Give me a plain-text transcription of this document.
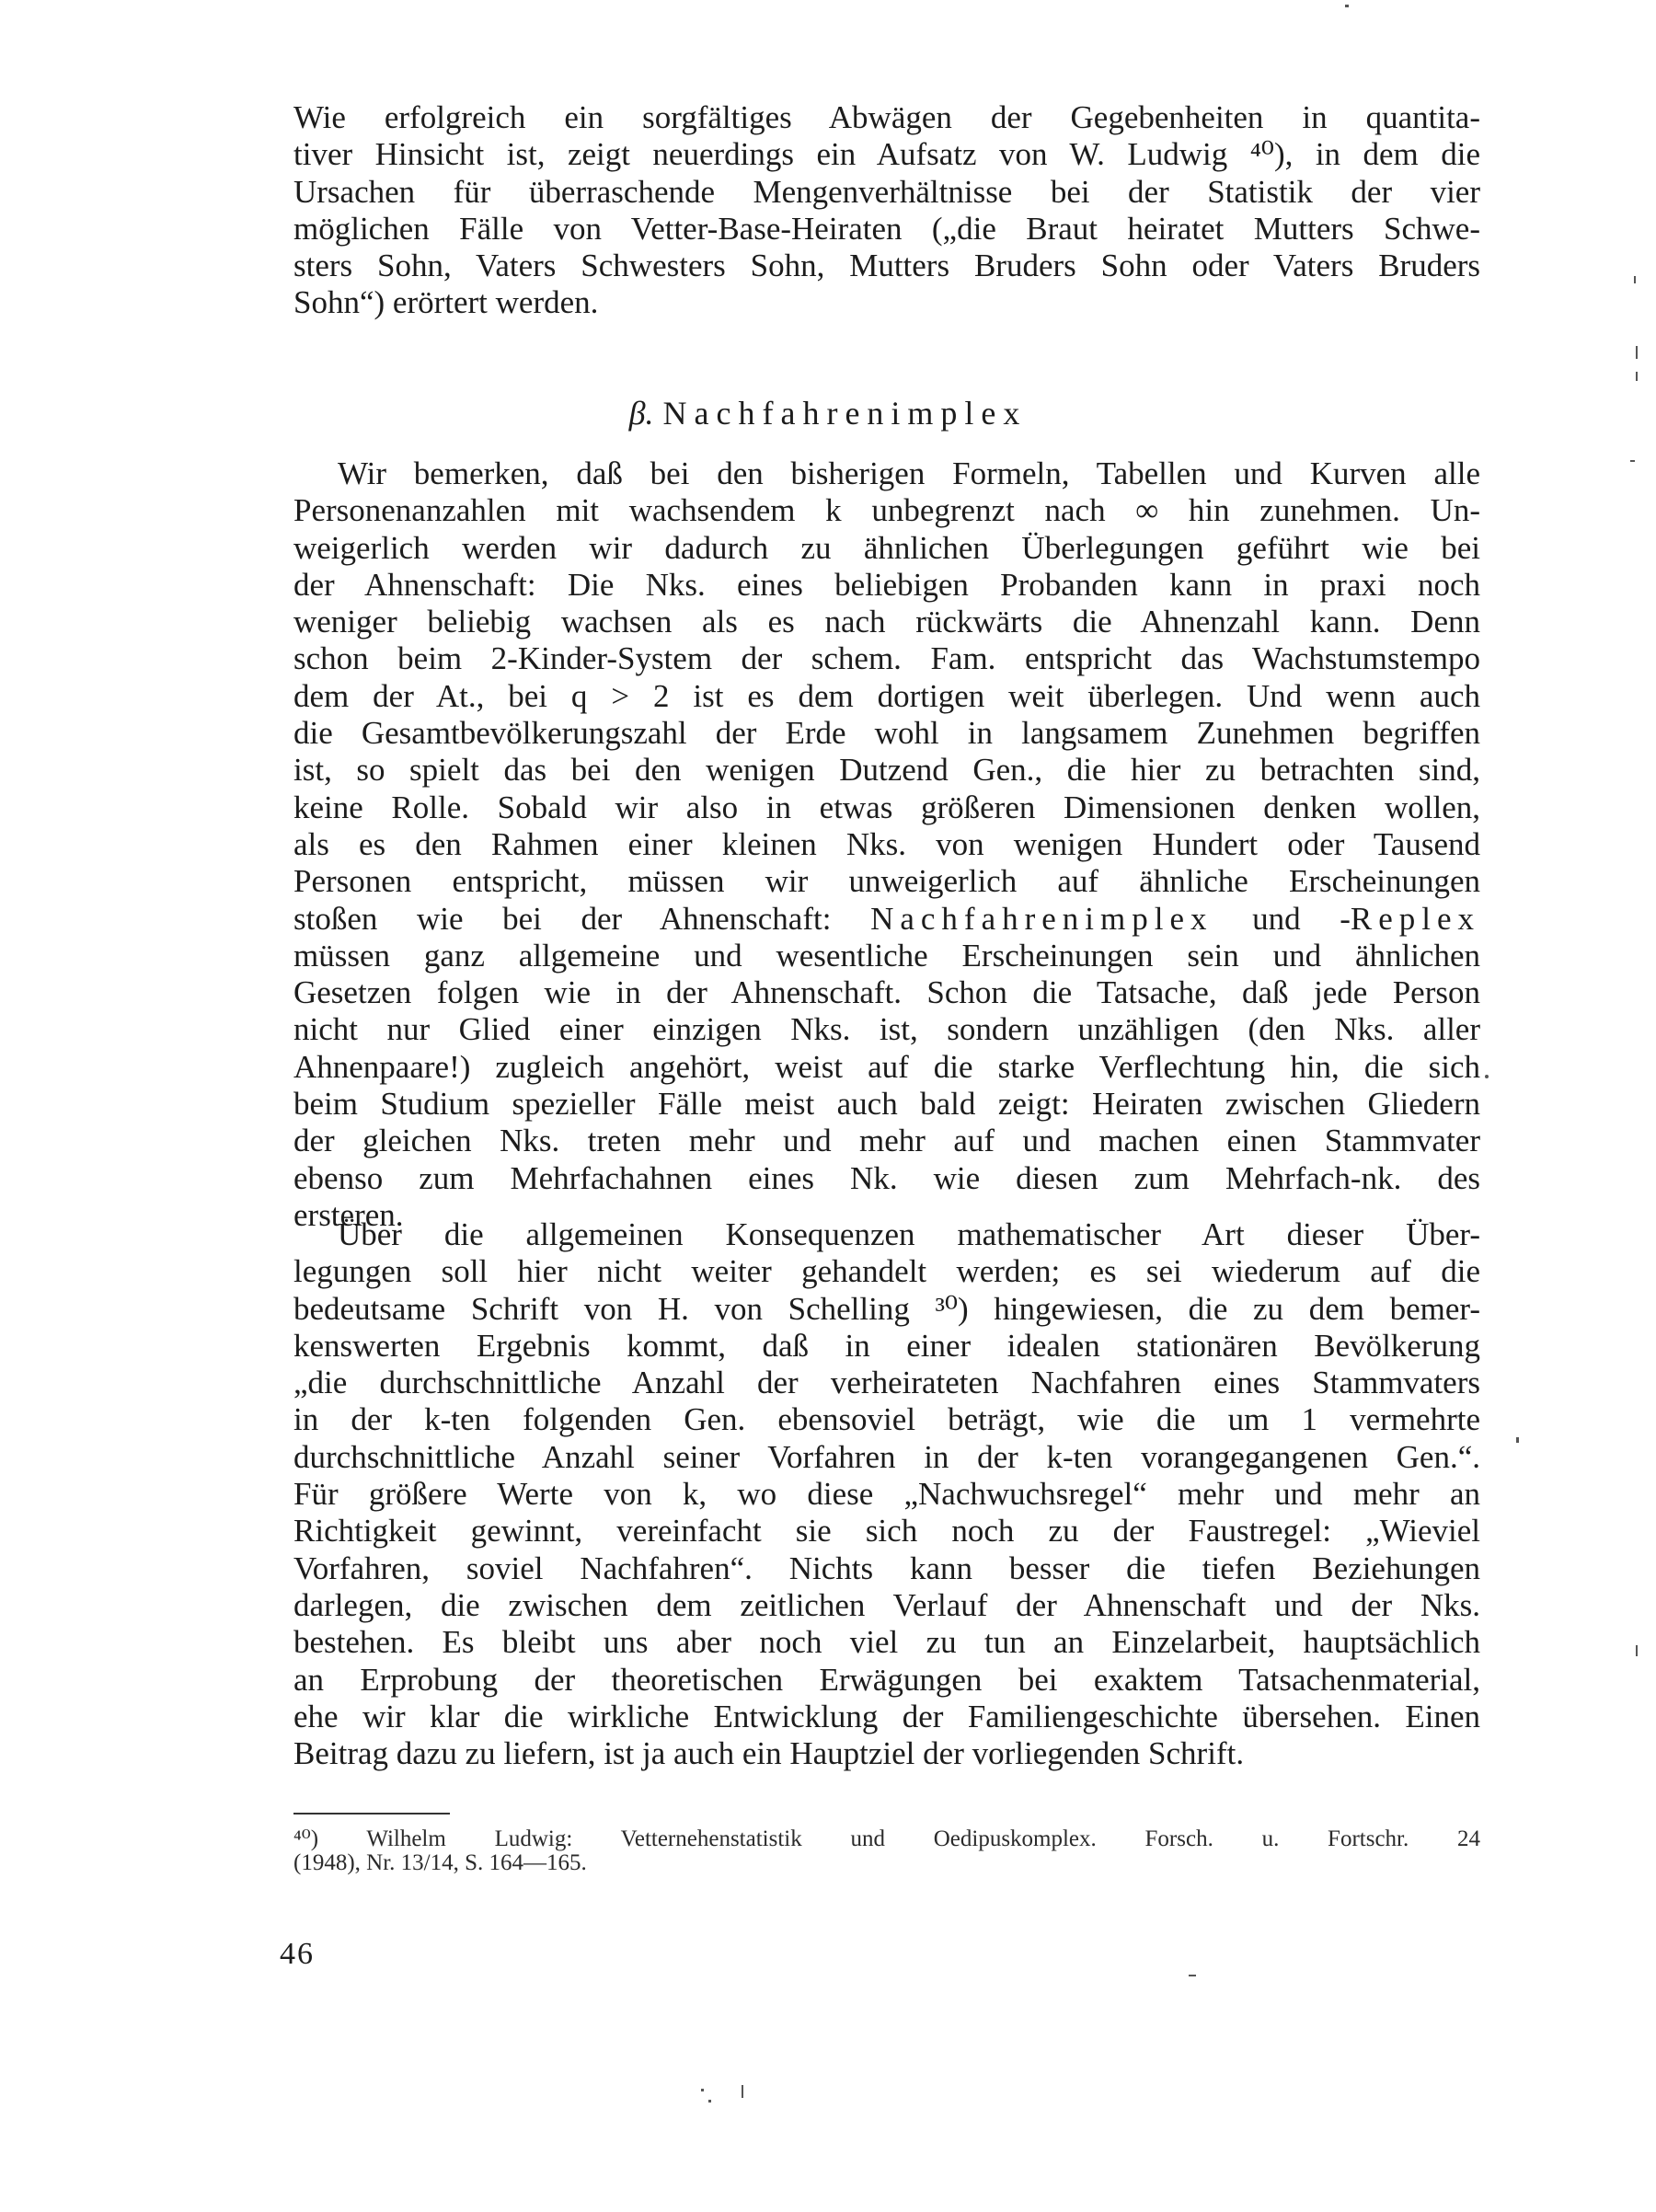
Wie erfolgreich ein sorgfältiges Abwägen der Gegebenheiten in quantita-
tiver Hinsicht ist, zeigt neuerdings ein Aufsatz von W. Ludwig ⁴⁰), in dem die
Ursachen für überraschende Mengenverhältnisse bei der Statistik der vier
möglichen Fälle von Vetter-Base-Heiraten („die Braut heiratet Mutters Schwe-
sters Sohn, Vaters Schwesters Sohn, Mutters Bruders Sohn oder Vaters Bruders
Sohn“) erörtert werden.
β. Nachfahrenimplex
Wir bemerken, daß bei den bisherigen Formeln, Tabellen und Kurven alle
Personenanzahlen mit wachsendem k unbegrenzt nach ∞ hin zunehmen. Un-
weigerlich werden wir dadurch zu ähnlichen Überlegungen geführt wie bei
der Ahnenschaft: Die Nks. eines beliebigen Probanden kann in praxi noch
weniger beliebig wachsen als es nach rückwärts die Ahnenzahl kann. Denn
schon beim 2-Kinder-System der schem. Fam. entspricht das Wachstumstempo
dem der At., bei q > 2 ist es dem dortigen weit überlegen. Und wenn auch
die Gesamtbevölkerungszahl der Erde wohl in langsamem Zunehmen begriffen
ist, so spielt das bei den wenigen Dutzend Gen., die hier zu betrachten sind,
keine Rolle. Sobald wir also in etwas größeren Dimensionen denken wollen,
als es den Rahmen einer kleinen Nks. von wenigen Hundert oder Tausend
Personen entspricht, müssen wir unweigerlich auf ähnliche Erscheinungen
stoßen wie bei der Ahnenschaft: Nachfahrenimplex und -Replex
müssen ganz allgemeine und wesentliche Erscheinungen sein und ähnlichen
Gesetzen folgen wie in der Ahnenschaft. Schon die Tatsache, daß jede Person
nicht nur Glied einer einzigen Nks. ist, sondern unzähligen (den Nks. aller
Ahnenpaare!) zugleich angehört, weist auf die starke Verflechtung hin, die sich
beim Studium spezieller Fälle meist auch bald zeigt: Heiraten zwischen Gliedern
der gleichen Nks. treten mehr und mehr auf und machen einen Stammvater
ebenso zum Mehrfachahnen eines Nk. wie diesen zum Mehrfach-nk. des
ersteren.
Über die allgemeinen Konsequenzen mathematischer Art dieser Über-
legungen soll hier nicht weiter gehandelt werden; es sei wiederum auf die
bedeutsame Schrift von H. von Schelling ³⁰) hingewiesen, die zu dem bemer-
kenswerten Ergebnis kommt, daß in einer idealen stationären Bevölkerung
„die durchschnittliche Anzahl der verheirateten Nachfahren eines Stammvaters
in der k-ten folgenden Gen. ebensoviel beträgt, wie die um 1 vermehrte
durchschnittliche Anzahl seiner Vorfahren in der k-ten vorangegangenen Gen.“.
Für größere Werte von k, wo diese „Nachwuchsregel“ mehr und mehr an
Richtigkeit gewinnt, vereinfacht sie sich noch zu der Faustregel: „Wieviel
Vorfahren, soviel Nachfahren“. Nichts kann besser die tiefen Beziehungen
darlegen, die zwischen dem zeitlichen Verlauf der Ahnenschaft und der Nks.
bestehen. Es bleibt uns aber noch viel zu tun an Einzelarbeit, hauptsächlich
an Erprobung der theoretischen Erwägungen bei exaktem Tatsachenmaterial,
ehe wir klar die wirkliche Entwicklung der Familiengeschichte übersehen. Einen
Beitrag dazu zu liefern, ist ja auch ein Hauptziel der vorliegenden Schrift.
⁴⁰) Wilhelm Ludwig: Vetternehenstatistik und Oedipuskomplex. Forsch. u. Fortschr. 24
(1948), Nr. 13/14, S. 164—165.
46
